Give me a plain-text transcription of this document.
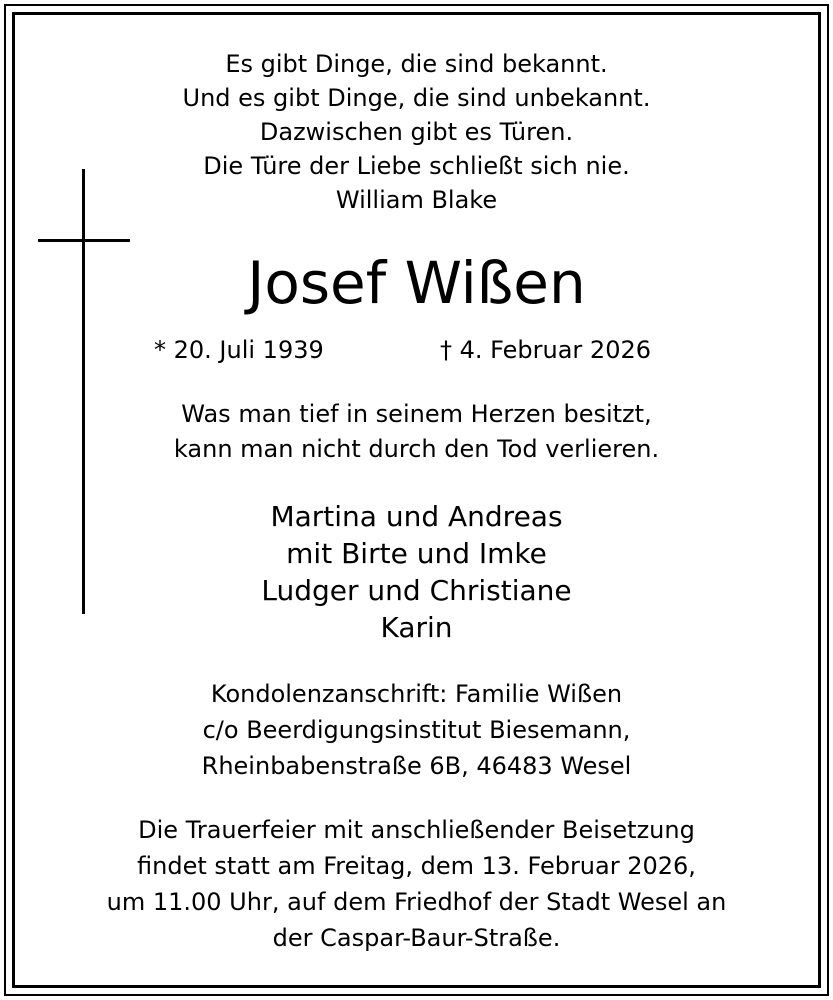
Es gibt Dinge, die sind bekannt.
Und es gibt Dinge, die sind unbekannt.
Dazwischen gibt es Türen.
Die Türe der Liebe schließt sich nie.
William Blake
Josef Wißen
* 20. Juli 1939	† 4. Februar 2026
Was man tief in seinem Herzen besitzt,
kann man nicht durch den Tod verlieren.
Martina und Andreas
mit Birte und Imke
Ludger und Christiane
Karin
Kondolenzanschrift: Familie Wißen
c/o Beerdigungsinstitut Biesemann,
Rheinbabenstraße 6B, 46483 Wesel
Die Trauerfeier mit anschließender Beisetzung
findet statt am Freitag, dem 13. Februar 2026,
um 11.00 Uhr, auf dem Friedhof der Stadt Wesel an
der Caspar-Baur-Straße.
